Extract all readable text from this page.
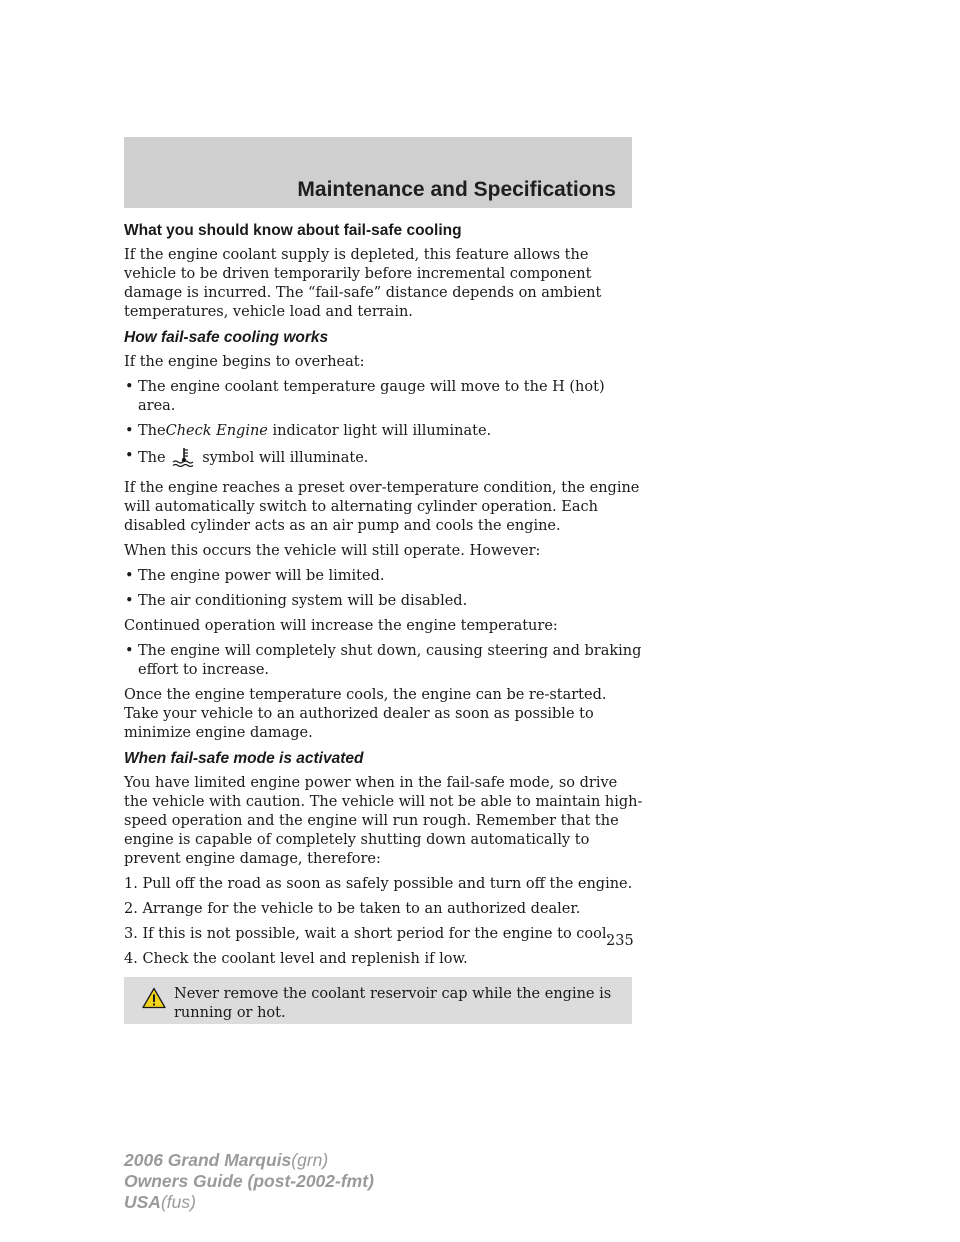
Maintenance and Specifications

What you should know about fail-safe cooling

If the engine coolant supply is depleted, this feature allows the vehicle to be driven temporarily before incremental component damage is incurred. The “fail-safe” distance depends on ambient temperatures, vehicle load and terrain.

How fail-safe cooling works

If the engine begins to overheat:

• The engine coolant temperature gauge will move to the H (hot) area.
• TheCheck Engine indicator light will illuminate.
• The	symbol will illuminate.

If the engine reaches a preset over-temperature condition, the engine will automatically switch to alternating cylinder operation. Each disabled cylinder acts as an air pump and cools the engine.

When this occurs the vehicle will still operate. However:

• The engine power will be limited.
• The air conditioning system will be disabled.

Continued operation will increase the engine temperature:

• The engine will completely shut down, causing steering and braking effort to increase.

Once the engine temperature cools, the engine can be re-started. Take your vehicle to an authorized dealer as soon as possible to minimize engine damage.

When fail-safe mode is activated

You have limited engine power when in the fail-safe mode, so drive the vehicle with caution. The vehicle will not be able to maintain high-speed operation and the engine will run rough. Remember that the engine is capable of completely shutting down automatically to prevent engine damage, therefore:

1. Pull off the road as soon as safely possible and turn off the engine.

2. Arrange for the vehicle to be taken to an authorized dealer.

3. If this is not possible, wait a short period for the engine to cool.

4. Check the coolant level and replenish if low.

Never remove the coolant reservoir cap while the engine is running or hot.
235
2006 Grand Marquis(grn)
Owners Guide (post-2002-fmt)
USA(fus)
